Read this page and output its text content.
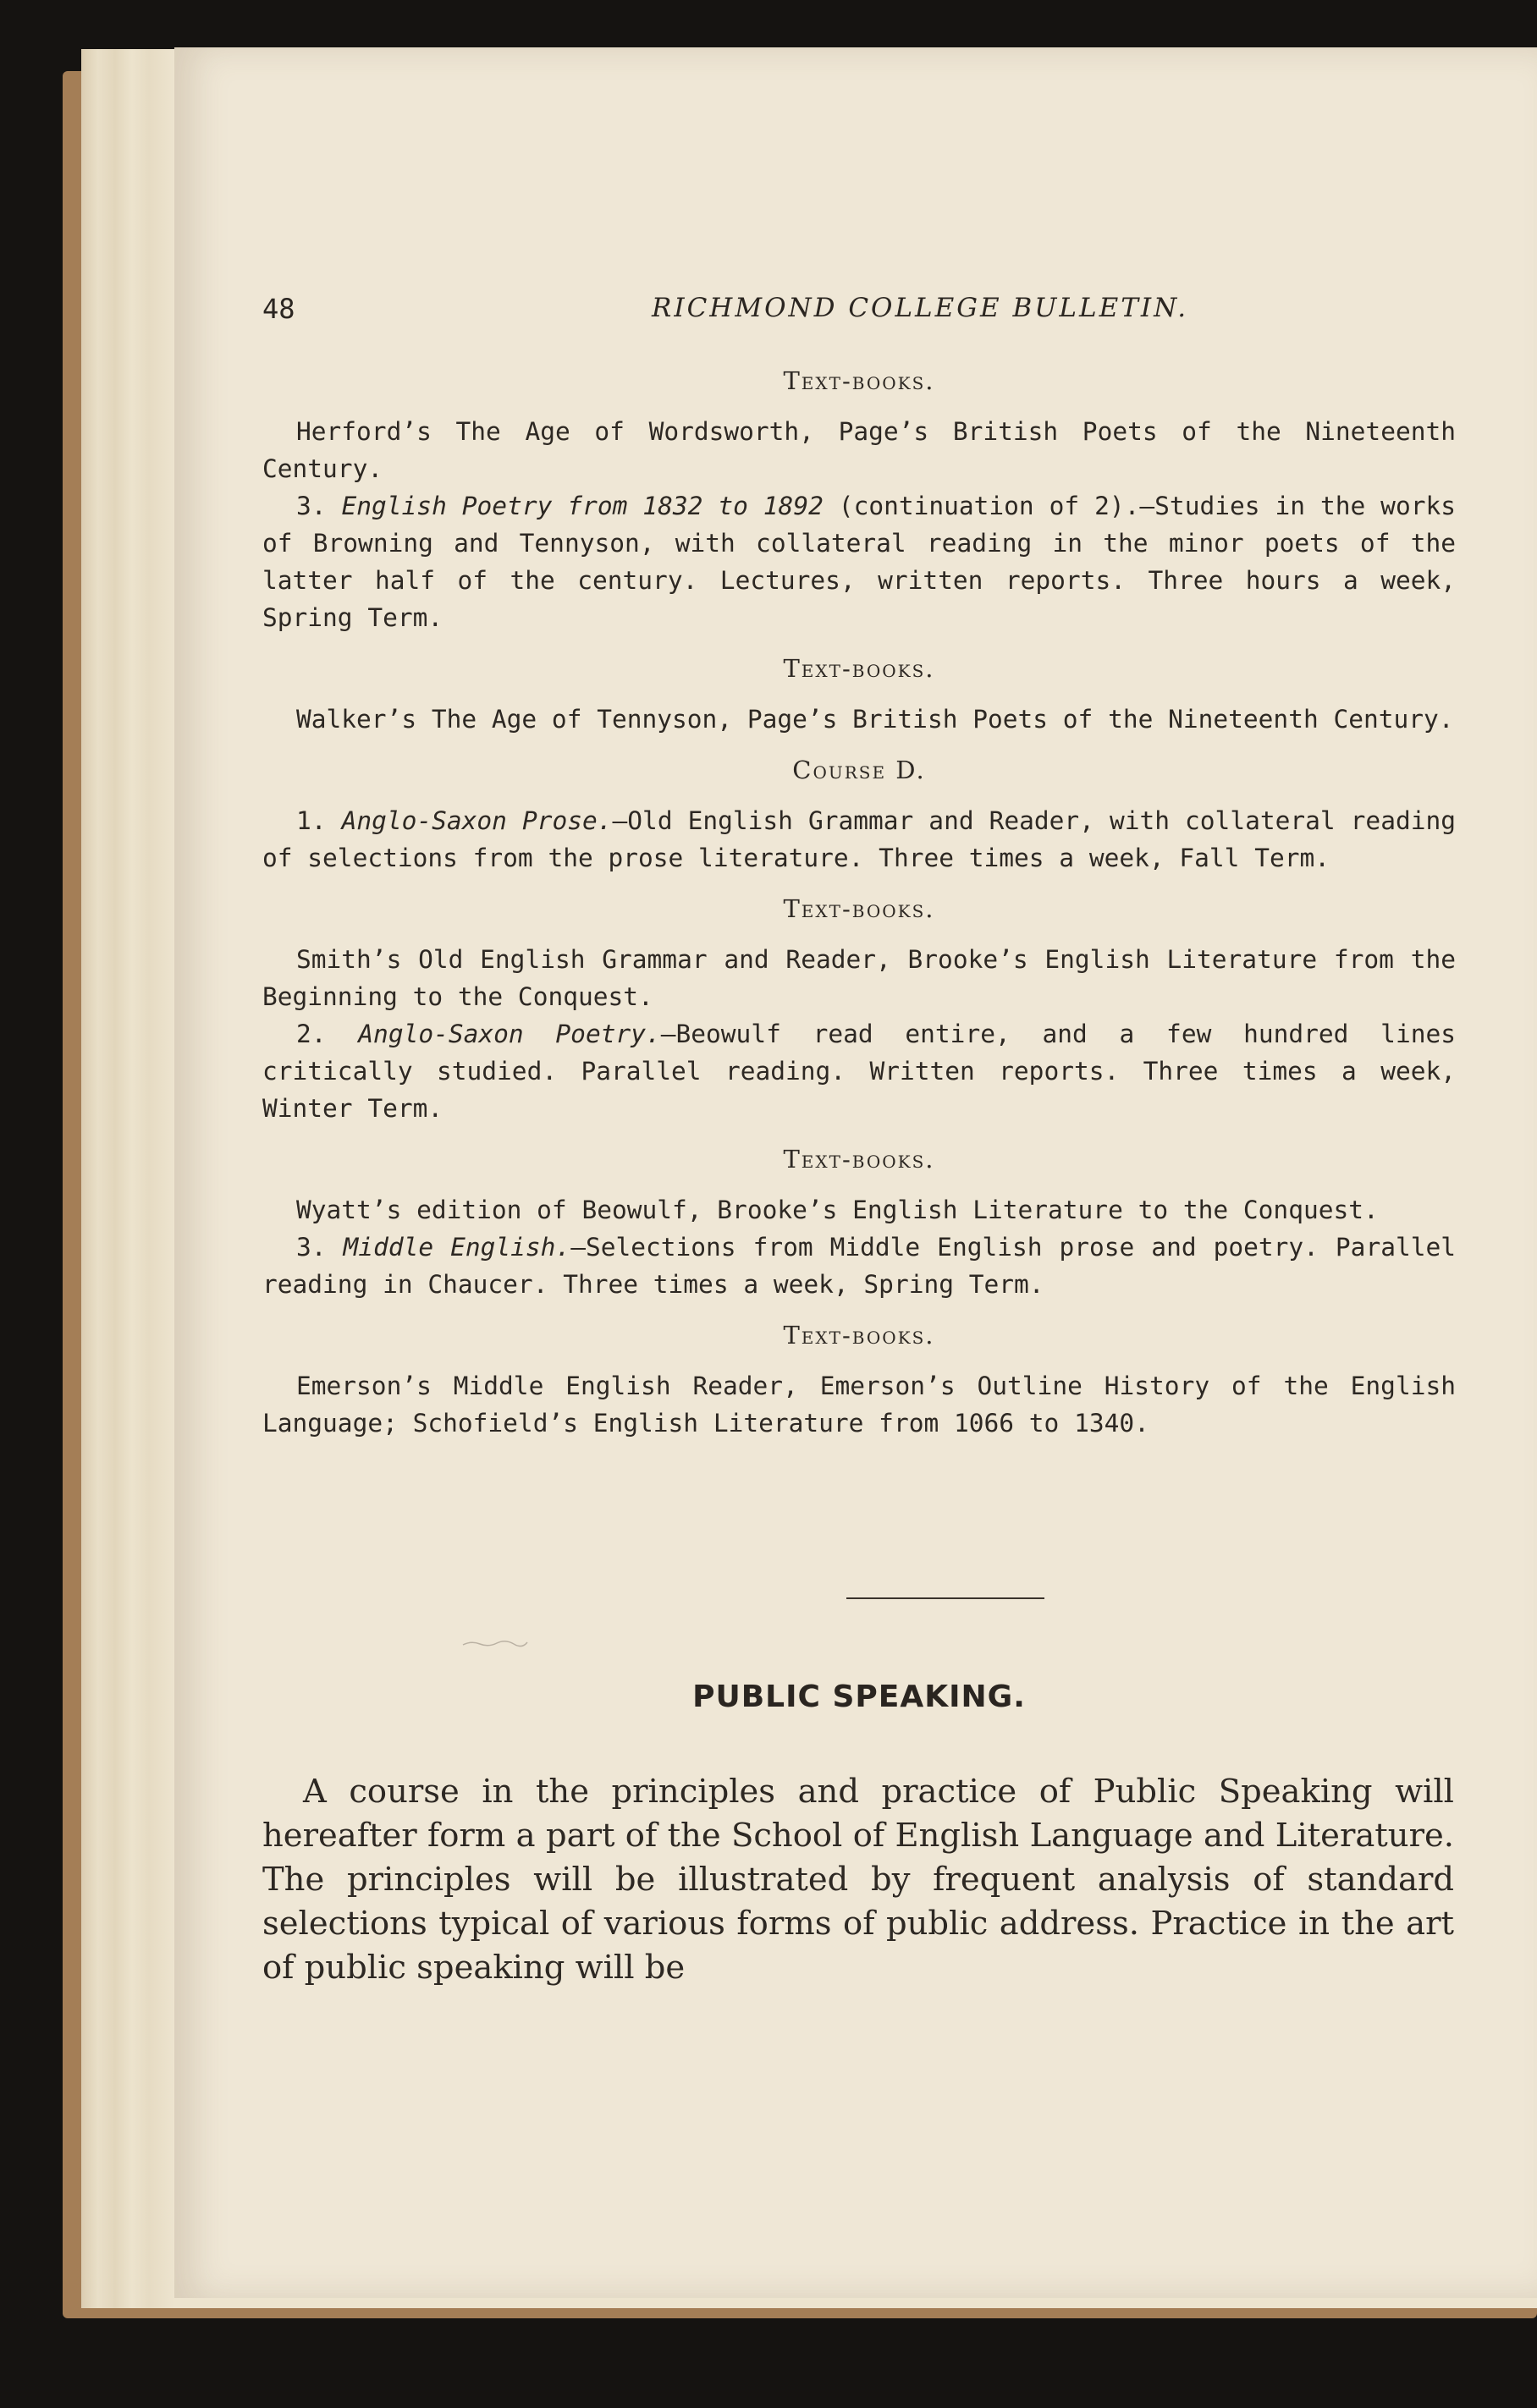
48	RICHMOND COLLEGE BULLETIN.
Text-books.

Herford’s The Age of Wordsworth, Page’s British Poets of the Nineteenth Century.

3. English Poetry from 1832 to 1892 (continuation of 2).—Studies in the works of Browning and Tennyson, with collateral reading in the minor poets of the latter half of the century. Lectures, written reports. Three hours a week, Spring Term.

Text-books.

Walker’s The Age of Tennyson, Page’s British Poets of the Nineteenth Century.

Course D.

1. Anglo-Saxon Prose.—Old English Grammar and Reader, with collateral reading of selections from the prose literature. Three times a week, Fall Term.

Text-books.

Smith’s Old English Grammar and Reader, Brooke’s English Literature from the Beginning to the Conquest.

2. Anglo-Saxon Poetry.—Beowulf read entire, and a few hundred lines critically studied. Parallel reading. Written reports. Three times a week, Winter Term.

Text-books.

Wyatt’s edition of Beowulf, Brooke’s English Literature to the Conquest.

3. Middle English.—Selections from Middle English prose and poetry. Parallel reading in Chaucer. Three times a week, Spring Term.

Text-books.

Emerson’s Middle English Reader, Emerson’s Outline History of the English Language; Schofield’s English Literature from 1066 to 1340.

PUBLIC SPEAKING.

A course in the principles and practice of Public Speaking will hereafter form a part of the School of English Language and Literature. The principles will be illustrated by frequent analysis of standard selections typical of various forms of public address. Practice in the art of public speaking will be
